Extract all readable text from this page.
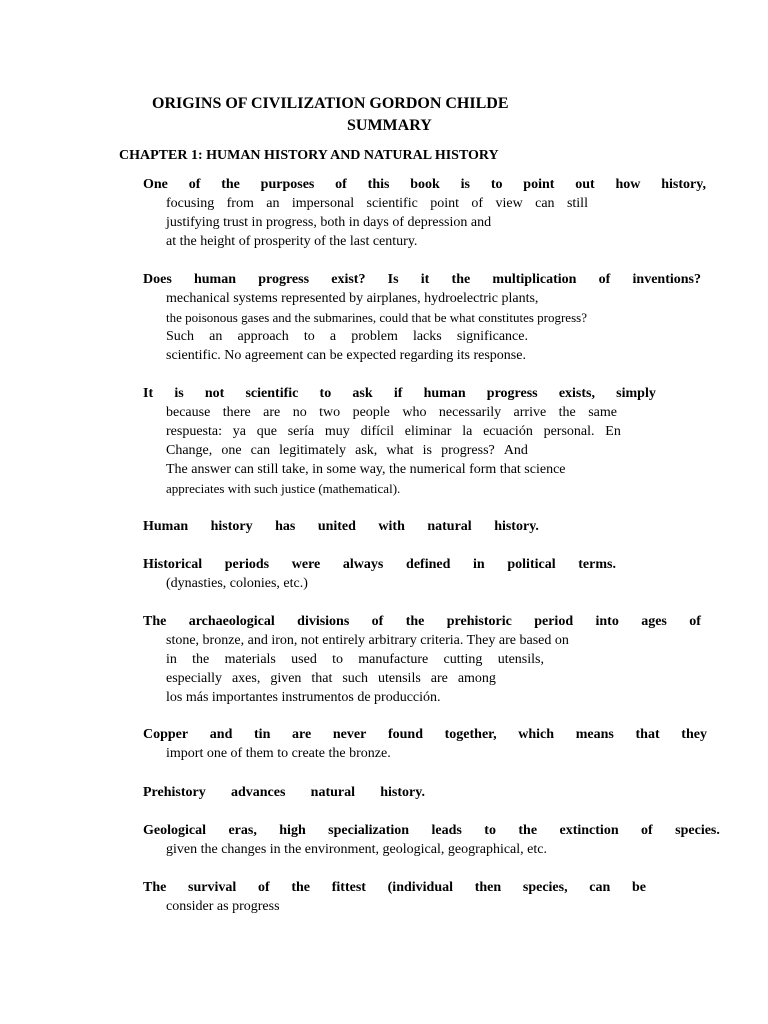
ORIGINS OF CIVILIZATION GORDON CHILDE
SUMMARY
CHAPTER 1: HUMAN HISTORY AND NATURAL HISTORY
One of the purposes of this book is to point out how history,
focusing from an impersonal scientific point of view can still
justifying trust in progress, both in days of depression and
at the height of prosperity of the last century.
Does human progress exist? Is it the multiplication of inventions?
mechanical systems represented by airplanes, hydroelectric plants,
the poisonous gases and the submarines, could that be what constitutes progress?
Such an approach to a problem lacks significance.
scientific. No agreement can be expected regarding its response.
It is not scientific to ask if human progress exists, simply
because there are no two people who necessarily arrive the same
respuesta: ya que sería muy difícil eliminar la ecuación personal. En
Change, one can legitimately ask, what is progress? And
The answer can still take, in some way, the numerical form that science
appreciates with such justice (mathematical).
Human history has united with natural history.
Historical periods were always defined in political terms.
(dynasties, colonies, etc.)
The archaeological divisions of the prehistoric period into ages of
stone, bronze, and iron, not entirely arbitrary criteria. They are based on
in the materials used to manufacture cutting utensils,
especially axes, given that such utensils are among
los más importantes instrumentos de producción.
Copper and tin are never found together, which means that they
import one of them to create the bronze.
Prehistory advances natural history.
Geological eras, high specialization leads to the extinction of species.
given the changes in the environment, geological, geographical, etc.
The survival of the fittest (individual then species, can be
consider as progress
